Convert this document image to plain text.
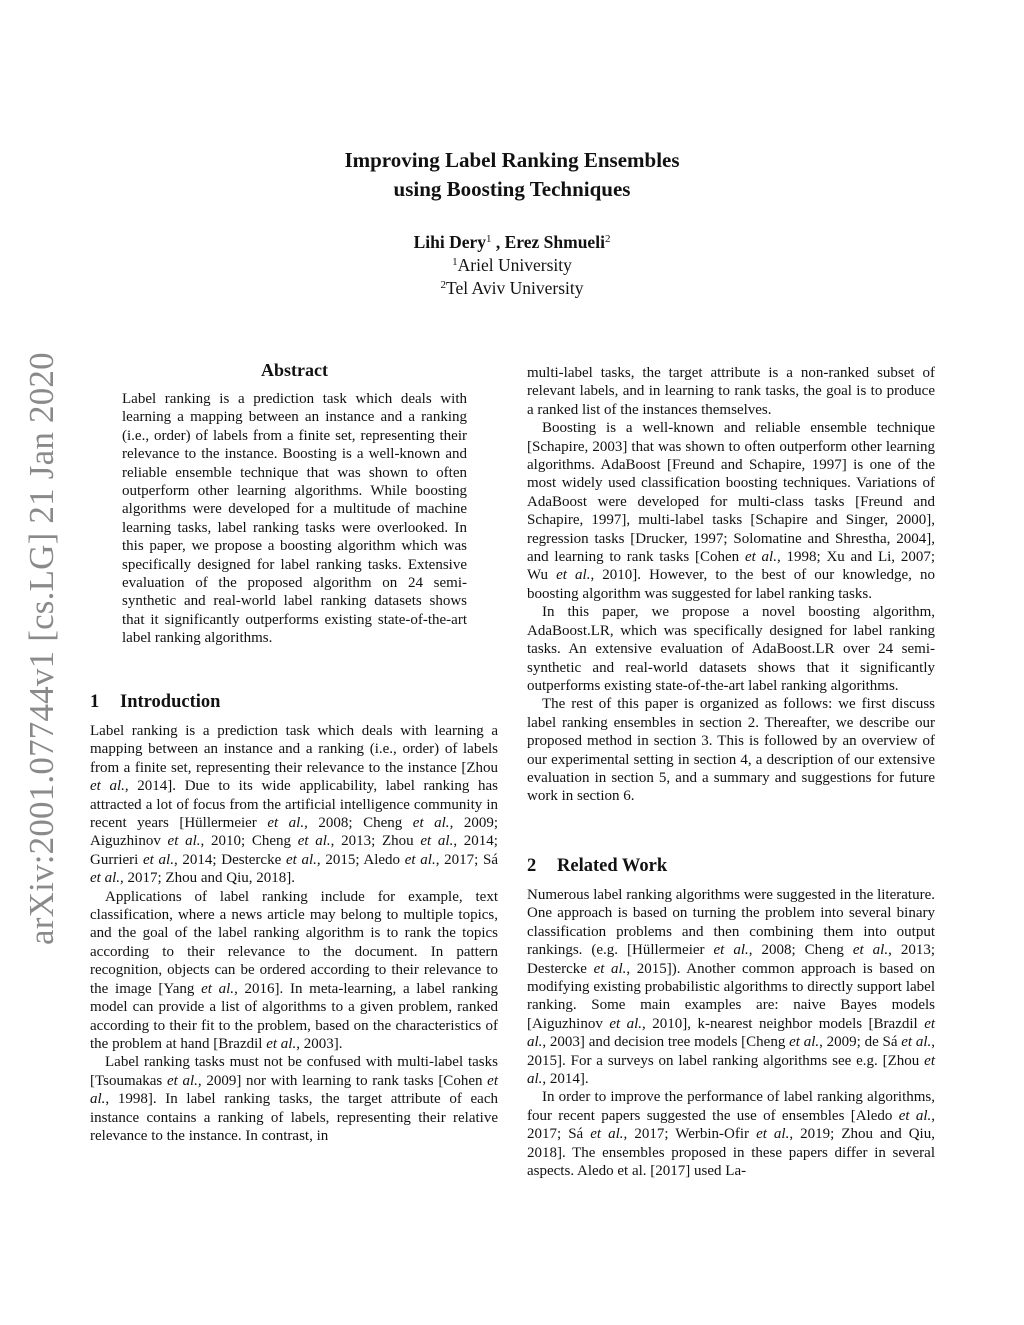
Improving Label Ranking Ensembles
using Boosting Techniques
Lihi Dery$^1$ , Erez Shmueli$^2$
$^1$Ariel University
$^2$Tel Aviv University
arXiv:2001.07744v1 [cs.LG] 21 Jan 2020	Abstract
Label ranking is a prediction task which deals with learning a mapping between an instance and a ranking (i.e., order) of labels from a finite set, representing their relevance to the instance. Boosting is a well-known and reliable ensemble technique that was shown to often outperform other learning algorithms. While boosting algorithms were developed for a multitude of machine learning tasks, label ranking tasks were overlooked. In this paper, we propose a boosting algorithm which was specifically designed for label ranking tasks. Extensive evaluation of the proposed algorithm on 24 semi-synthetic and real-world label ranking datasets shows that it significantly outperforms existing state-of-the-art label ranking algorithms.
1 Introduction

Label ranking is a prediction task which deals with learning a mapping between an instance and a ranking (i.e., order) of labels from a finite set, representing their relevance to the instance [Zhou et al., 2014]. Due to its wide applicability, label ranking has attracted a lot of focus from the artificial intelligence community in recent years [Hüllermeier et al., 2008; Cheng et al., 2009; Aiguzhinov et al., 2010; Cheng et al., 2013; Zhou et al., 2014; Gurrieri et al., 2014; Destercke et al., 2015; Aledo et al., 2017; Sá et al., 2017; Zhou and Qiu, 2018].

Applications of label ranking include for example, text classification, where a news article may belong to multiple topics, and the goal of the label ranking algorithm is to rank the topics according to their relevance to the document. In pattern recognition, objects can be ordered according to their relevance to the image [Yang et al., 2016]. In meta-learning, a label ranking model can provide a list of algorithms to a given problem, ranked according to their fit to the problem, based on the characteristics of the problem at hand [Brazdil et al., 2003].

Label ranking tasks must not be confused with multi-label tasks [Tsoumakas et al., 2009] nor with learning to rank tasks [Cohen et al., 1998]. In label ranking tasks, the target attribute of each instance contains a ranking of labels, representing their relative relevance to the instance. In contrast, in

multi-label tasks, the target attribute is a non-ranked subset of relevant labels, and in learning to rank tasks, the goal is to produce a ranked list of the instances themselves.

Boosting is a well-known and reliable ensemble technique [Schapire, 2003] that was shown to often outperform other learning algorithms. AdaBoost [Freund and Schapire, 1997] is one of the most widely used classification boosting techniques. Variations of AdaBoost were developed for multi-class tasks [Freund and Schapire, 1997], multi-label tasks [Schapire and Singer, 2000], regression tasks [Drucker, 1997; Solomatine and Shrestha, 2004], and learning to rank tasks [Cohen et al., 1998; Xu and Li, 2007; Wu et al., 2010]. However, to the best of our knowledge, no boosting algorithm was suggested for label ranking tasks.

In this paper, we propose a novel boosting algorithm, AdaBoost.LR, which was specifically designed for label ranking tasks. An extensive evaluation of AdaBoost.LR over 24 semi-synthetic and real-world datasets shows that it significantly outperforms existing state-of-the-art label ranking algorithms.

The rest of this paper is organized as follows: we first discuss label ranking ensembles in section 2. Thereafter, we describe our proposed method in section 3. This is followed by an overview of our experimental setting in section 4, a description of our extensive evaluation in section 5, and a summary and suggestions for future work in section 6.

2 Related Work

Numerous label ranking algorithms were suggested in the literature. One approach is based on turning the problem into several binary classification problems and then combining them into output rankings. (e.g. [Hüllermeier et al., 2008; Cheng et al., 2013; Destercke et al., 2015]). Another common approach is based on modifying existing probabilistic algorithms to directly support label ranking. Some main examples are: naive Bayes models [Aiguzhinov et al., 2010], k-nearest neighbor models [Brazdil et al., 2003] and decision tree models [Cheng et al., 2009; de Sá et al., 2015]. For a surveys on label ranking algorithms see e.g. [Zhou et al., 2014].

In order to improve the performance of label ranking algorithms, four recent papers suggested the use of ensembles [Aledo et al., 2017; Sá et al., 2017; Werbin-Ofir et al., 2019; Zhou and Qiu, 2018]. The ensembles proposed in these papers differ in several aspects. Aledo et al. [2017] used La-
